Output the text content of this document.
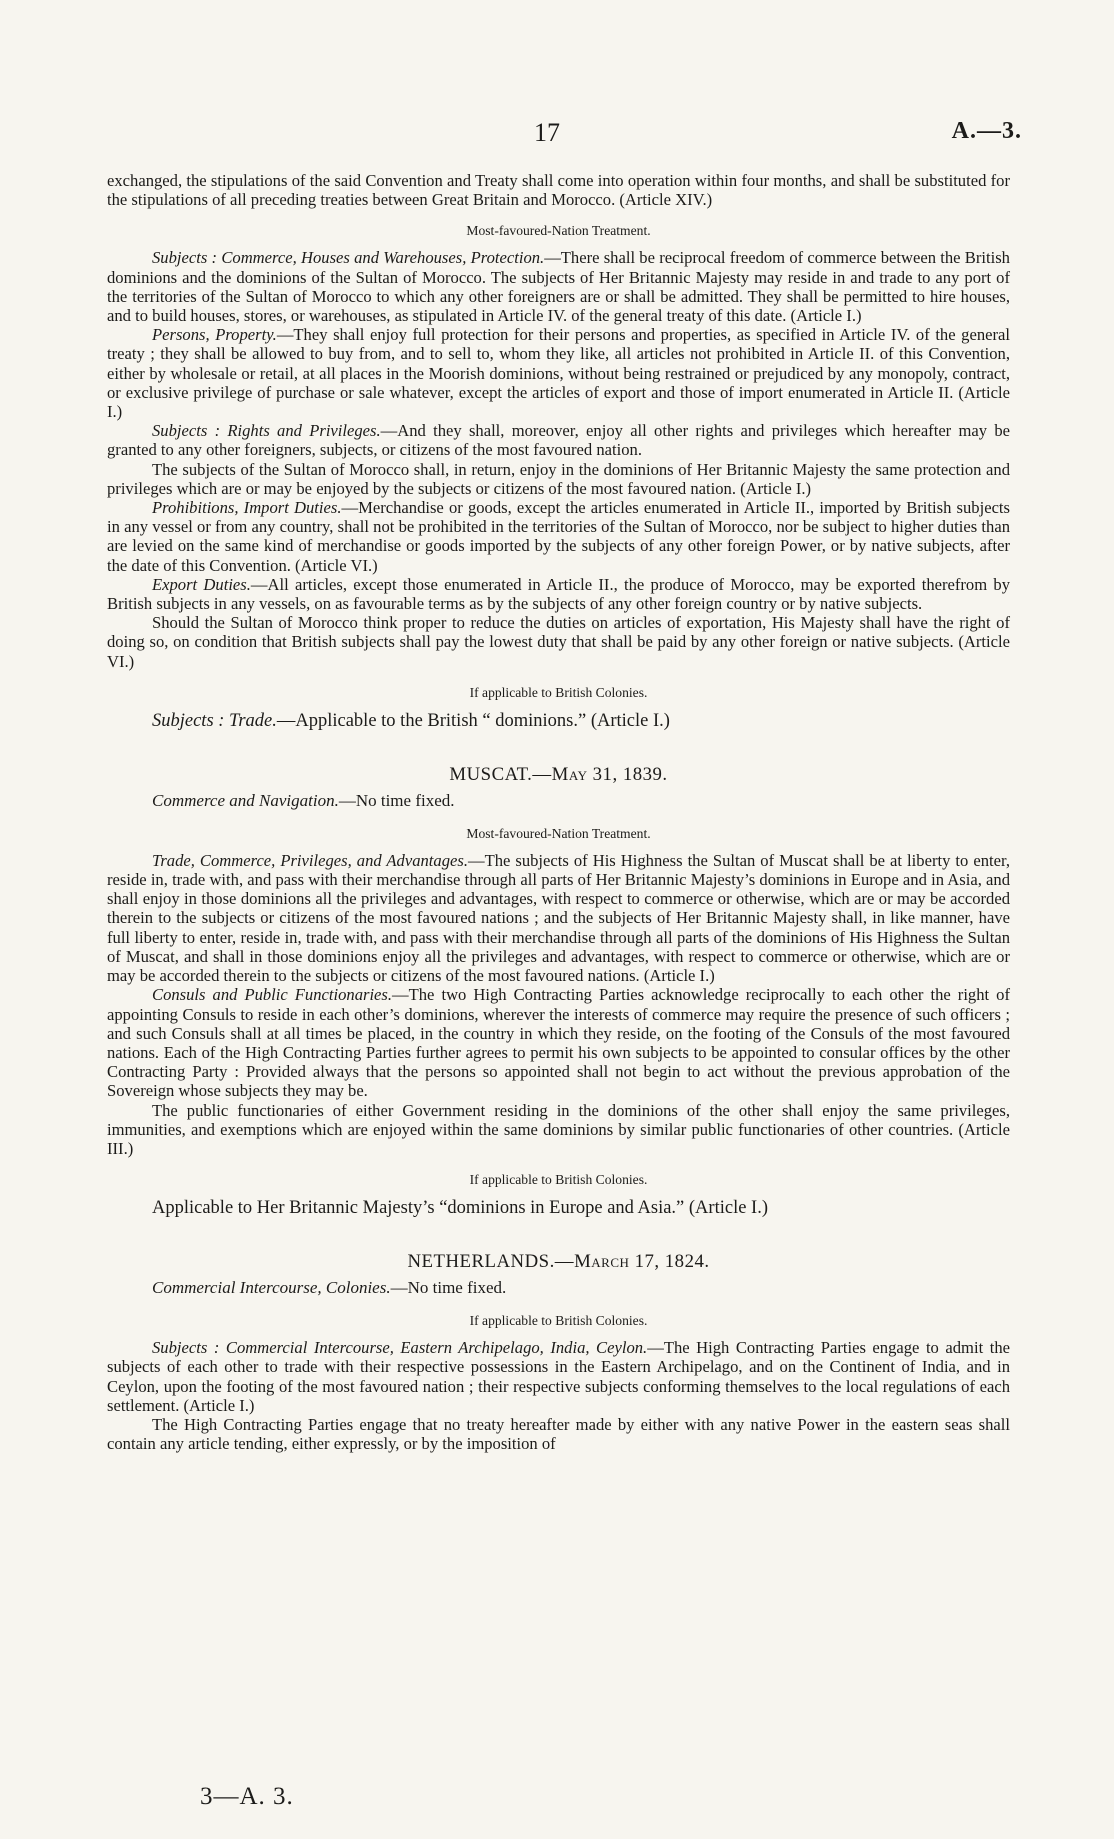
17	A.—3.

exchanged, the stipulations of the said Convention and Treaty shall come into operation within four months, and shall be substituted for the stipulations of all preceding treaties between Great Britain and Morocco. (Article XIV.)

Most-favoured-Nation Treatment.

Subjects : Commerce, Houses and Warehouses, Protection.—There shall be reciprocal freedom of commerce between the British dominions and the dominions of the Sultan of Morocco. The subjects of Her Britannic Majesty may reside in and trade to any port of the territories of the Sultan of Morocco to which any other foreigners are or shall be admitted. They shall be permitted to hire houses, and to build houses, stores, or warehouses, as stipulated in Article IV. of the general treaty of this date. (Article I.)

Persons, Property.—They shall enjoy full protection for their persons and properties, as specified in Article IV. of the general treaty ; they shall be allowed to buy from, and to sell to, whom they like, all articles not prohibited in Article II. of this Convention, either by wholesale or retail, at all places in the Moorish dominions, without being restrained or prejudiced by any monopoly, contract, or exclusive privilege of purchase or sale whatever, except the articles of export and those of import enumerated in Article II. (Article I.)

Subjects : Rights and Privileges.—And they shall, moreover, enjoy all other rights and privileges which hereafter may be granted to any other foreigners, subjects, or citizens of the most favoured nation.

The subjects of the Sultan of Morocco shall, in return, enjoy in the dominions of Her Britannic Majesty the same protection and privileges which are or may be enjoyed by the subjects or citizens of the most favoured nation. (Article I.)

Prohibitions, Import Duties.—Merchandise or goods, except the articles enumerated in Article II., imported by British subjects in any vessel or from any country, shall not be prohibited in the territories of the Sultan of Morocco, nor be subject to higher duties than are levied on the same kind of merchandise or goods imported by the subjects of any other foreign Power, or by native subjects, after the date of this Convention. (Article VI.)

Export Duties.—All articles, except those enumerated in Article II., the produce of Morocco, may be exported therefrom by British subjects in any vessels, on as favourable terms as by the subjects of any other foreign country or by native subjects.

Should the Sultan of Morocco think proper to reduce the duties on articles of exportation, His Majesty shall have the right of doing so, on condition that British subjects shall pay the lowest duty that shall be paid by any other foreign or native subjects. (Article VI.)

If applicable to British Colonies.

Subjects : Trade.—Applicable to the British “ dominions.” (Article I.)

MUSCAT.—May 31, 1839.

Commerce and Navigation.—No time fixed.

Most-favoured-Nation Treatment.

Trade, Commerce, Privileges, and Advantages.—The subjects of His Highness the Sultan of Muscat shall be at liberty to enter, reside in, trade with, and pass with their merchandise through all parts of Her Britannic Majesty’s dominions in Europe and in Asia, and shall enjoy in those dominions all the privileges and advantages, with respect to commerce or otherwise, which are or may be accorded therein to the subjects or citizens of the most favoured nations ; and the subjects of Her Britannic Majesty shall, in like manner, have full liberty to enter, reside in, trade with, and pass with their merchandise through all parts of the dominions of His Highness the Sultan of Muscat, and shall in those dominions enjoy all the privileges and advantages, with respect to commerce or otherwise, which are or may be accorded therein to the subjects or citizens of the most favoured nations. (Article I.)

Consuls and Public Functionaries.—The two High Contracting Parties acknowledge reciprocally to each other the right of appointing Consuls to reside in each other’s dominions, wherever the interests of commerce may require the presence of such officers ; and such Consuls shall at all times be placed, in the country in which they reside, on the footing of the Consuls of the most favoured nations. Each of the High Contracting Parties further agrees to permit his own subjects to be appointed to consular offices by the other Contracting Party : Provided always that the persons so appointed shall not begin to act without the previous approbation of the Sovereign whose subjects they may be.

The public functionaries of either Government residing in the dominions of the other shall enjoy the same privileges, immunities, and exemptions which are enjoyed within the same dominions by similar public functionaries of other countries. (Article III.)

If applicable to British Colonies.

Applicable to Her Britannic Majesty’s “dominions in Europe and Asia.” (Article I.)

NETHERLANDS.—March 17, 1824.

Commercial Intercourse, Colonies.—No time fixed.

If applicable to British Colonies.

Subjects : Commercial Intercourse, Eastern Archipelago, India, Ceylon.—The High Contracting Parties engage to admit the subjects of each other to trade with their respective possessions in the Eastern Archipelago, and on the Continent of India, and in Ceylon, upon the footing of the most favoured nation ; their respective subjects conforming themselves to the local regulations of each settlement. (Article I.)

The High Contracting Parties engage that no treaty hereafter made by either with any native Power in the eastern seas shall contain any article tending, either expressly, or by the imposition of

3—A. 3.
